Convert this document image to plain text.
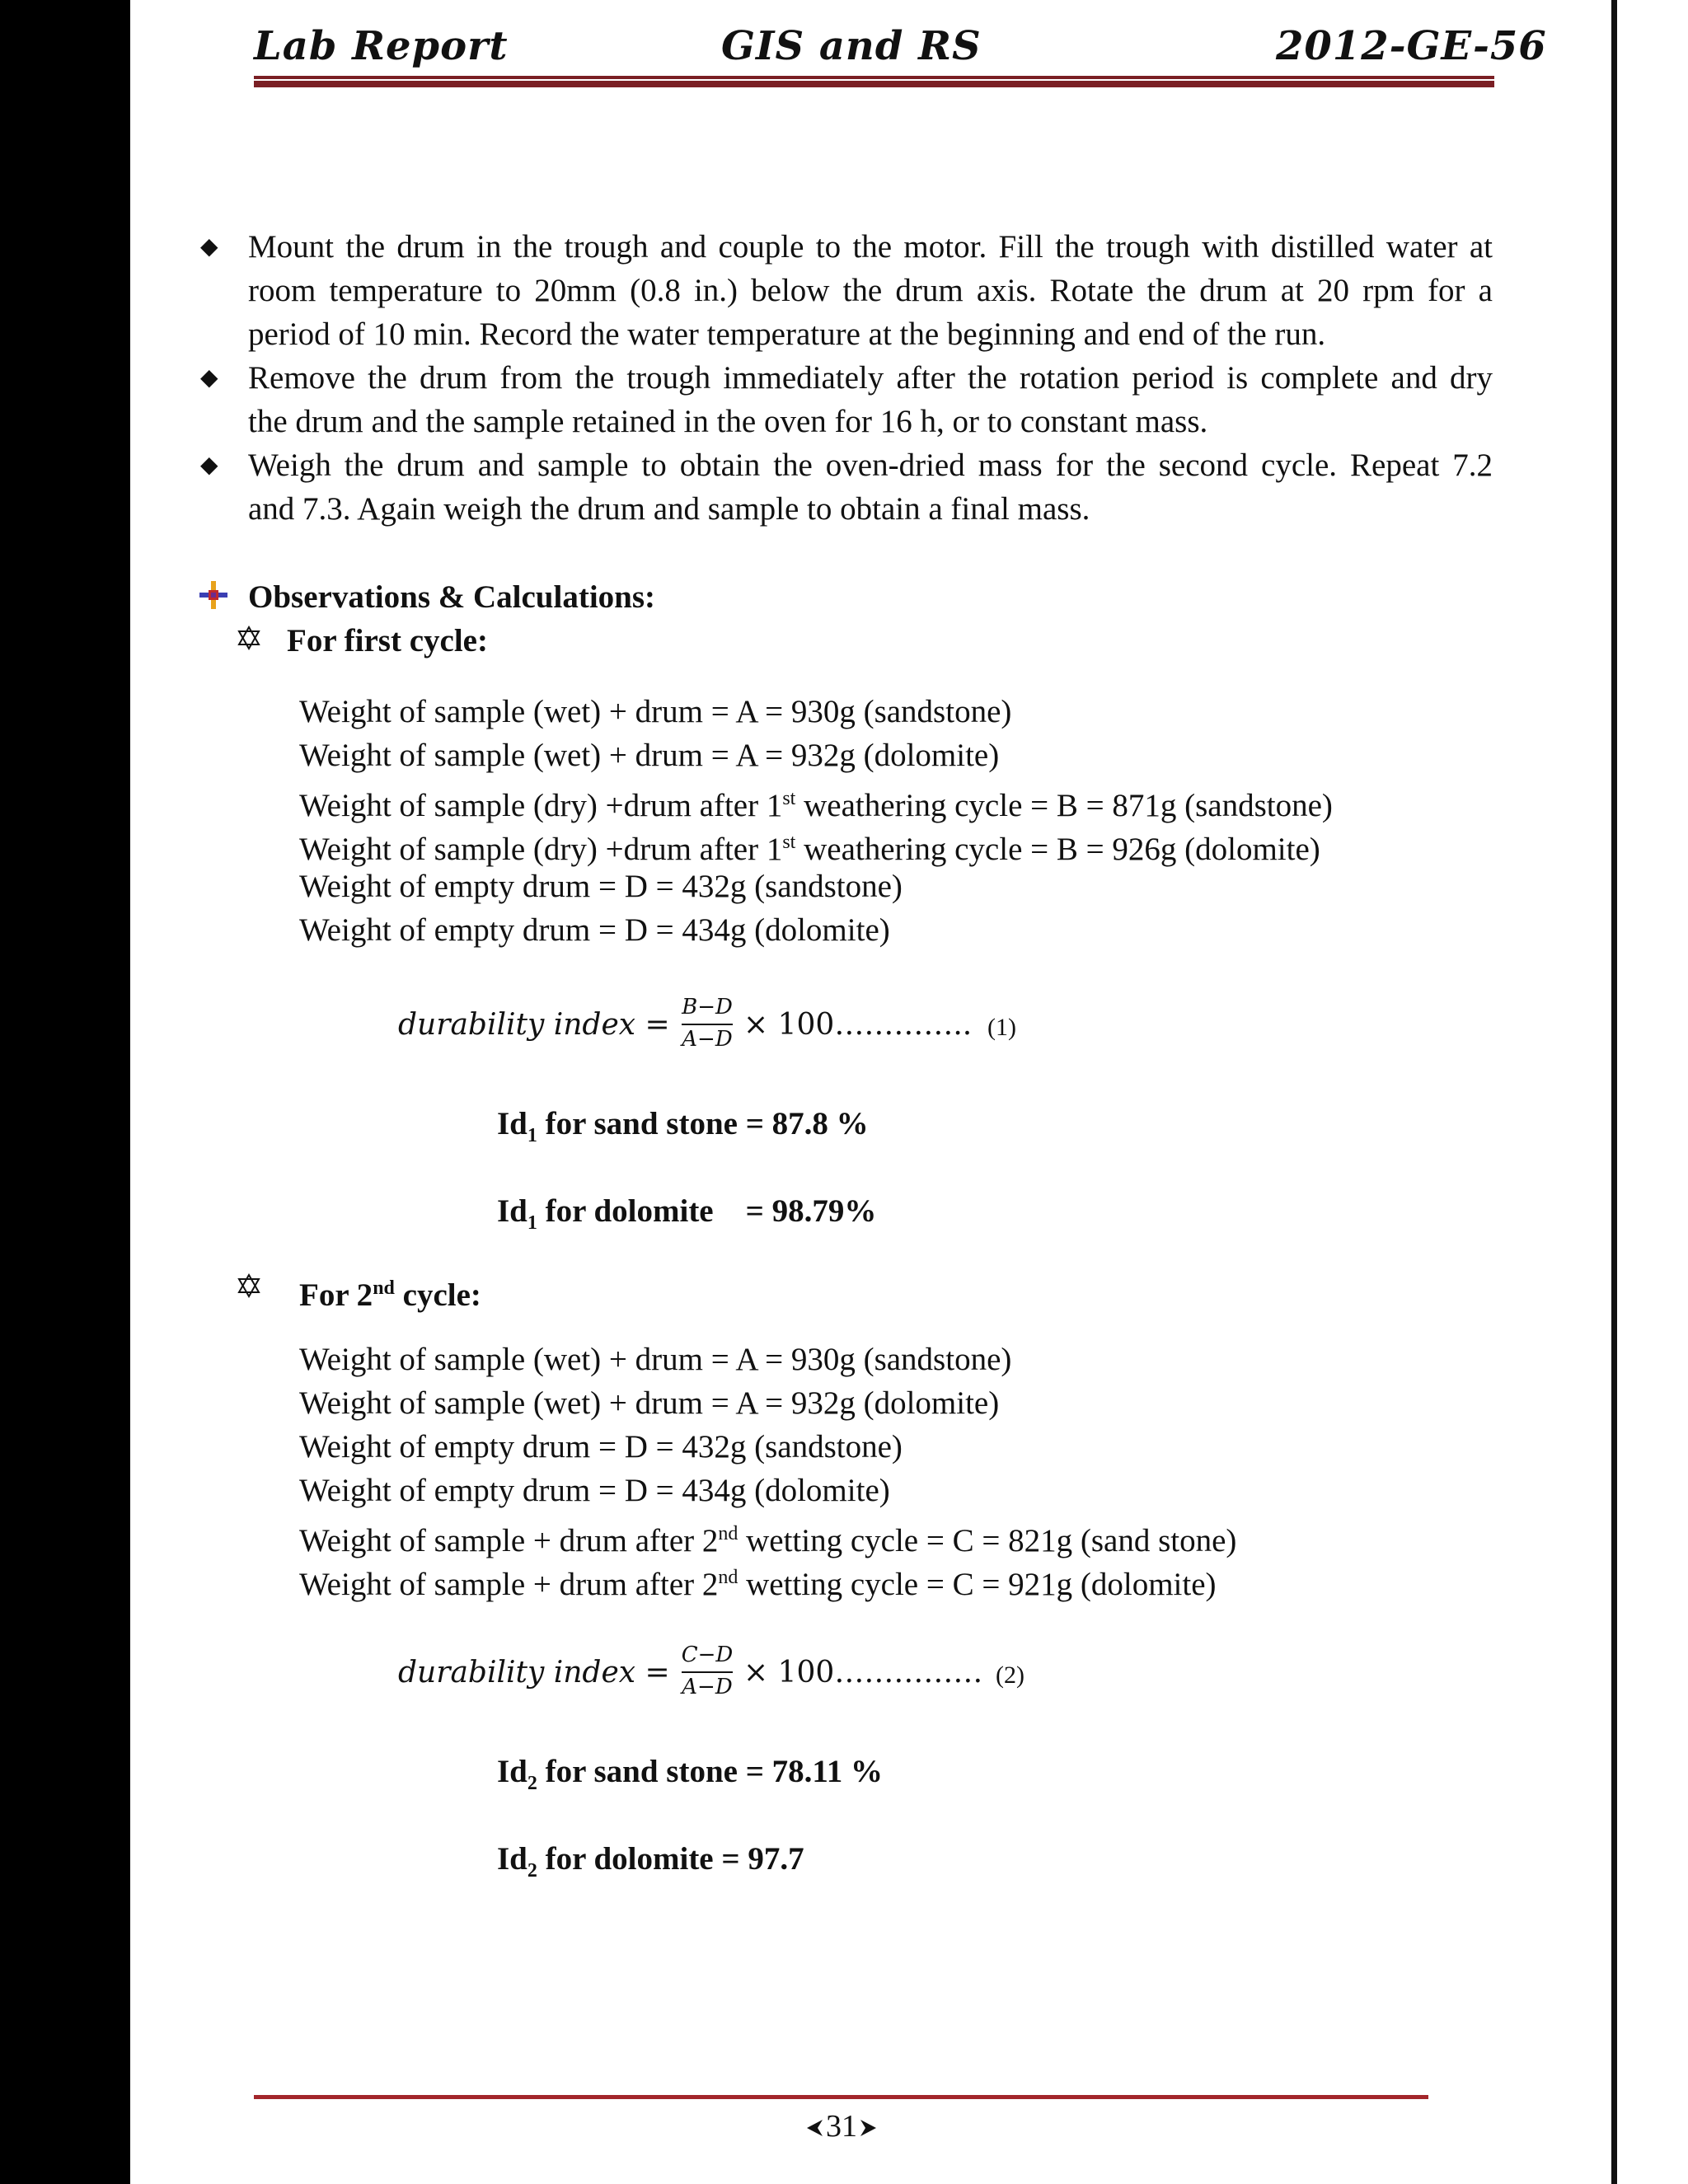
Lab Report	GIS and RS	2012-GE-56
◆ Mount the drum in the trough and couple to the motor. Fill the trough with distilled water at
room temperature to 20mm (0.8 in.) below the drum axis. Rotate the drum at 20 rpm for a
period of 10 min. Record the water temperature at the beginning and end of the run.
◆ Remove the drum from the trough immediately after the rotation period is complete and dry
the drum and the sample retained in the oven for 16 h, or to constant mass.
◆ Weigh the drum and sample to obtain the oven-dried mass for the second cycle. Repeat 7.2
and 7.3. Again weigh the drum and sample to obtain a final mass.
Observations & Calculations:
For first cycle:
Weight of sample (wet) + drum = A = 930g (sandstone)
Weight of sample (wet) + drum = A = 932g (dolomite)
Weight of sample (dry) +drum after 1st weathering cycle = B = 871g (sandstone)
Weight of sample (dry) +drum after 1st weathering cycle = B = 926g (dolomite)
Weight of empty drum = D = 432g (sandstone)
Weight of empty drum = D = 434g (dolomite)
durability index =
B−D
A−D × 100………….. (1)
$Id_1$ for sand stone = 87.8 %
$Id_1$ for dolomite    = 98.79%
For 2nd cycle:
Weight of sample (wet) + drum = A = 930g (sandstone)
Weight of sample (wet) + drum = A = 932g (dolomite)
Weight of empty drum = D = 432g (sandstone)
Weight of empty drum = D = 434g (dolomite)
Weight of sample + drum after 2nd wetting cycle = C = 821g (sand stone)
Weight of sample + drum after 2nd wetting cycle = C = 921g (dolomite)
durability index =
C−D
A−D × 100…………… (2)
$Id_2$ for sand stone = 78.11 %
$Id_2$ for dolomite = 97.7
31
